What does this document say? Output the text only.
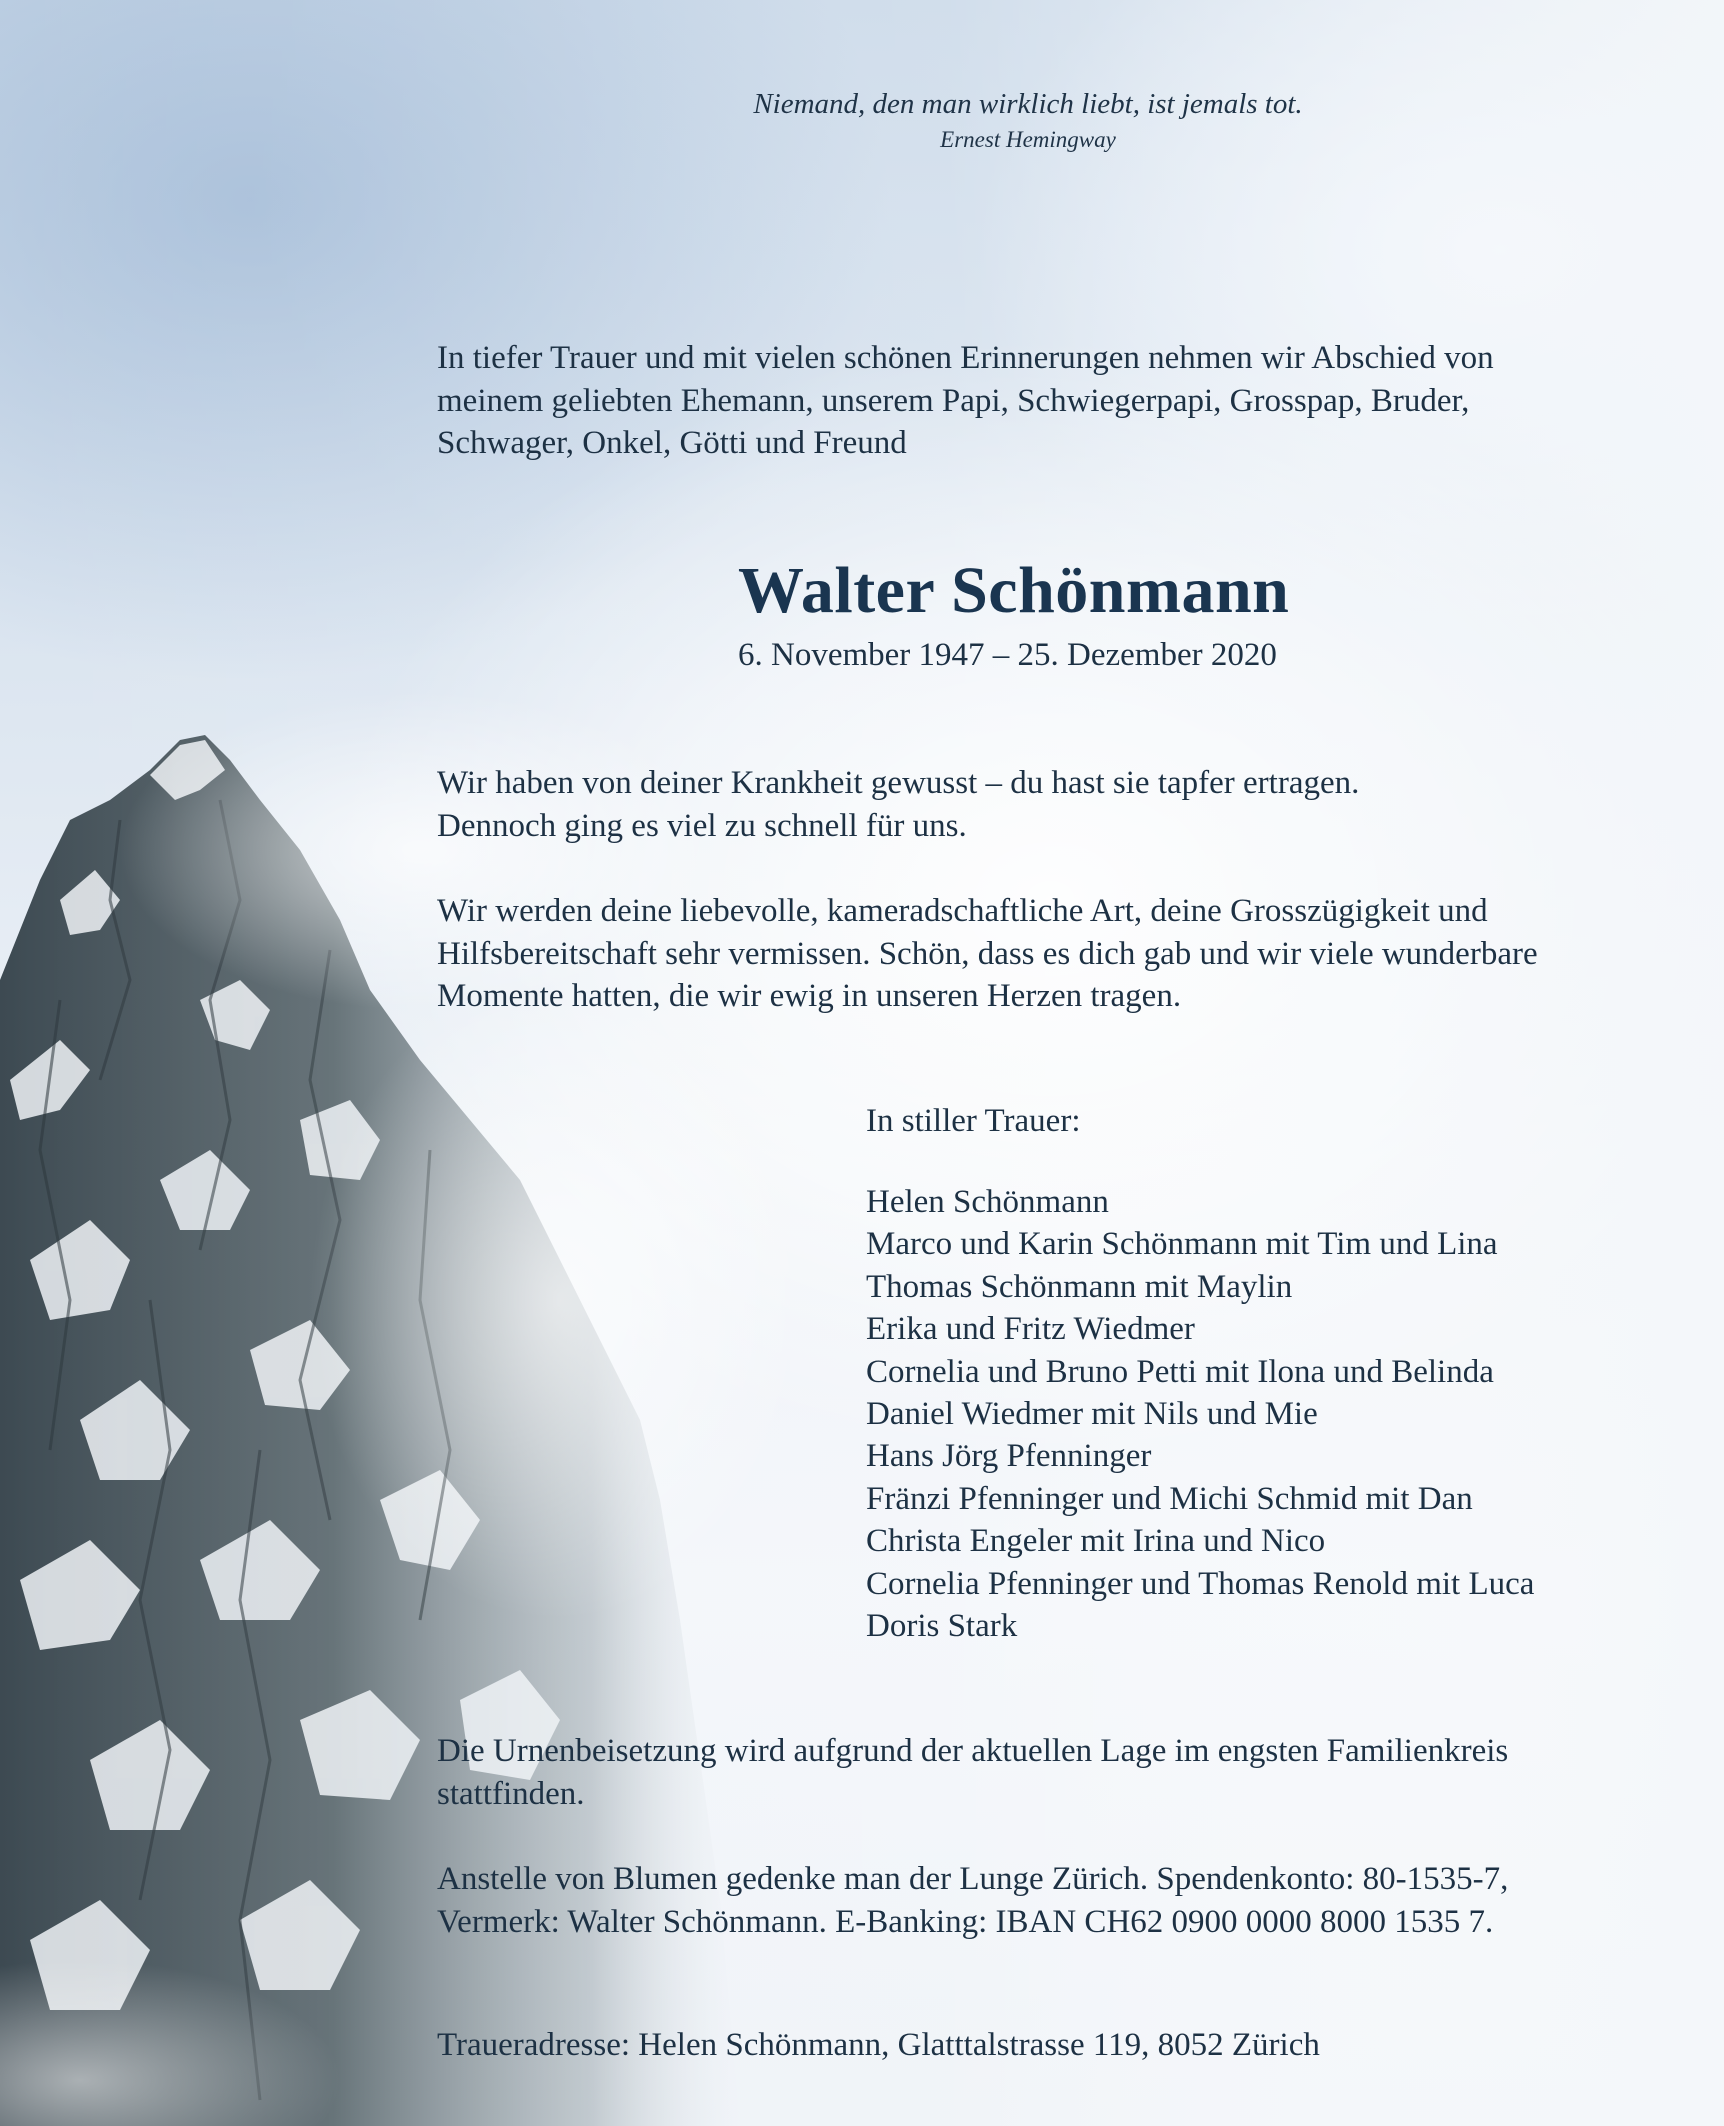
Niemand, den man wirklich liebt, ist jemals tot.

Ernest Hemingway

In tiefer Trauer und mit vielen schönen Erinnerungen nehmen wir Abschied von
meinem geliebten Ehemann, unserem Papi, Schwiegerpapi, Grosspap, Bruder,
Schwager, Onkel, Götti und Freund
Walter Schönmann

6. November 1947 – 25. Dezember 2020

Wir haben von deiner Krankheit gewusst – du hast sie tapfer ertragen.
Dennoch ging es viel zu schnell für uns.
Wir werden deine liebevolle, kameradschaftliche Art, deine Grosszügigkeit und
Hilfsbereitschaft sehr vermissen. Schön, dass es dich gab und wir viele wunderbare
Momente hatten, die wir ewig in unseren Herzen tragen.

In stiller Trauer:

Helen Schönmann
Marco und Karin Schönmann mit Tim und Lina
Thomas Schönmann mit Maylin
Erika und Fritz Wiedmer
Cornelia und Bruno Petti mit Ilona und Belinda
Daniel Wiedmer mit Nils und Mie
Hans Jörg Pfenninger
Fränzi Pfenninger und Michi Schmid mit Dan
Christa Engeler mit Irina und Nico
Cornelia Pfenninger und Thomas Renold mit Luca
Doris Stark
Die Urnenbeisetzung wird aufgrund der aktuellen Lage im engsten Familienkreis
stattfinden.
Anstelle von Blumen gedenke man der Lunge Zürich. Spendenkonto: 80-1535-7,
Vermerk: Walter Schönmann. E-Banking: IBAN CH62 0900 0000 8000 1535 7.

Traueradresse: Helen Schönmann, Glatttalstrasse 119, 8052 Zürich
